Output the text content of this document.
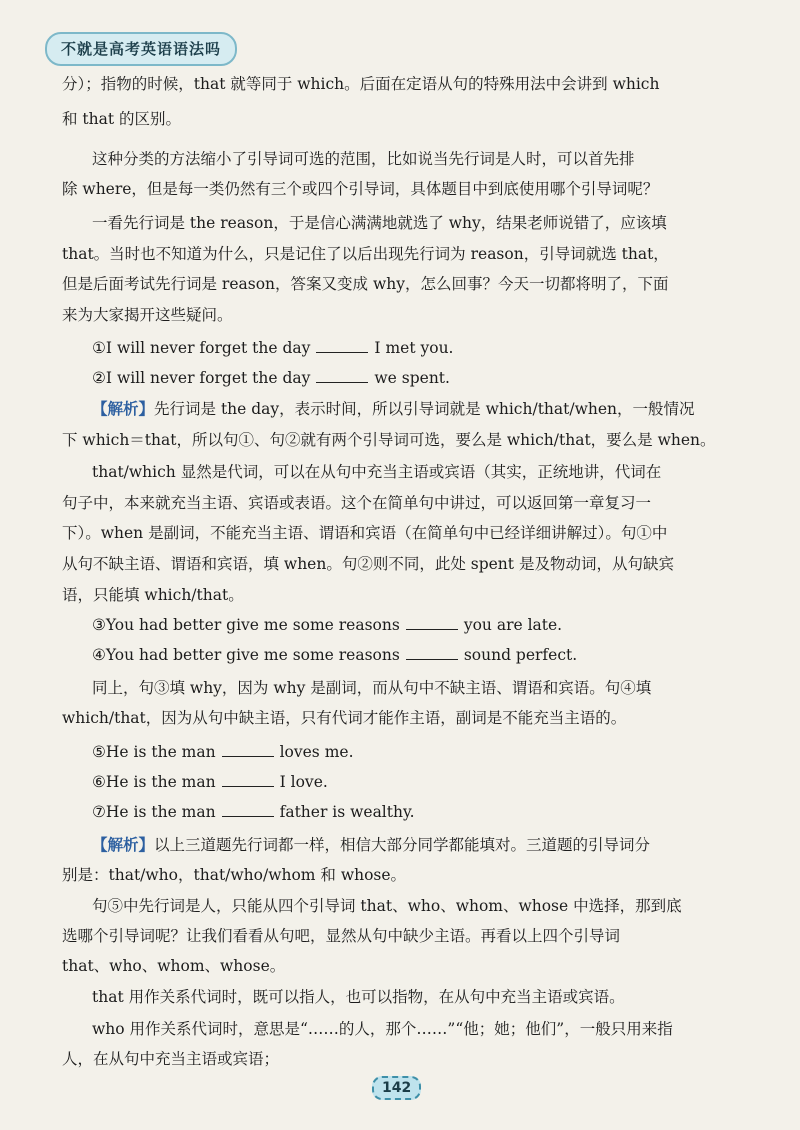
不就是高考英语语法吗
分）；指物的时候，that 就等同于 which。后面在定语从句的特殊用法中会讲到 which
和 that 的区别。
这种分类的方法缩小了引导词可选的范围，比如说当先行词是人时，可以首先排
除 where，但是每一类仍然有三个或四个引导词，具体题目中到底使用哪个引导词呢？
一看先行词是 the reason，于是信心满满地就选了 why，结果老师说错了，应该填
that。当时也不知道为什么，只是记住了以后出现先行词为 reason，引导词就选 that，
但是后面考试先行词是 reason，答案又变成 why，怎么回事？今天一切都将明了，下面
来为大家揭开这些疑问。
①I will never forget the day	I met you.
②I will never forget the day	we spent.
【解析】先行词是 the day，表示时间，所以引导词就是 which/that/when，一般情况
下 which＝that，所以句①、句②就有两个引导词可选，要么是 which/that，要么是 when。
that/which 显然是代词，可以在从句中充当主语或宾语（其实，正统地讲，代词在
句子中，本来就充当主语、宾语或表语。这个在简单句中讲过，可以返回第一章复习一
下）。when 是副词，不能充当主语、谓语和宾语（在简单句中已经详细讲解过）。句①中
从句不缺主语、谓语和宾语，填 when。句②则不同，此处 spent 是及物动词，从句缺宾
语，只能填 which/that。
③You had better give me some reasons	you are late.
④You had better give me some reasons	sound perfect.
同上，句③填 why，因为 why 是副词，而从句中不缺主语、谓语和宾语。句④填
which/that，因为从句中缺主语，只有代词才能作主语，副词是不能充当主语的。
⑤He is the man	loves me.
⑥He is the man	I love.
⑦He is the man	father is wealthy.
【解析】以上三道题先行词都一样，相信大部分同学都能填对。三道题的引导词分
别是：that/who，that/who/whom 和 whose。
句⑤中先行词是人，只能从四个引导词 that、who、whom、whose 中选择，那到底
选哪个引导词呢？让我们看看从句吧，显然从句中缺少主语。再看以上四个引导词
that、who、whom、whose。
that 用作关系代词时，既可以指人，也可以指物，在从句中充当主语或宾语。
who 用作关系代词时，意思是“……的人，那个……”“他；她；他们”，一般只用来指
人，在从句中充当主语或宾语；
142
